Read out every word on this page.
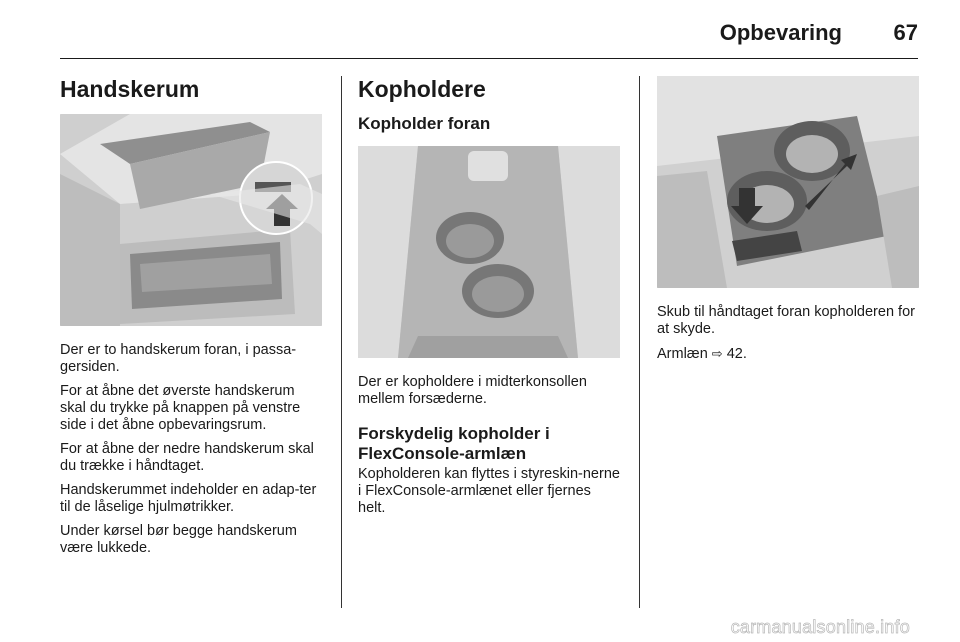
Opbevaring 67
Handskerum

Der er to handskerum foran, i passa-gersiden.

For at åbne det øverste handskerum skal du trykke på knappen på venstre side i det åbne opbevaringsrum.

For at åbne der nedre handskerum skal du trække i håndtaget.

Handskerummet indeholder en adap-ter til de låselige hjulmøtrikker.

Under kørsel bør begge handskerum være lukkede.

Kopholdere
Kopholder foran

Der er kopholdere i midterkonsollen mellem forsæderne.

Forskydelig kopholder i FlexConsole-armlæn

Kopholderen kan flyttes i styreskin-nerne i FlexConsole-armlænet eller fjernes helt.

Skub til håndtaget foran kopholderen for at skyde.

Armlæn ⇨ 42.

carmanualsonline.info
